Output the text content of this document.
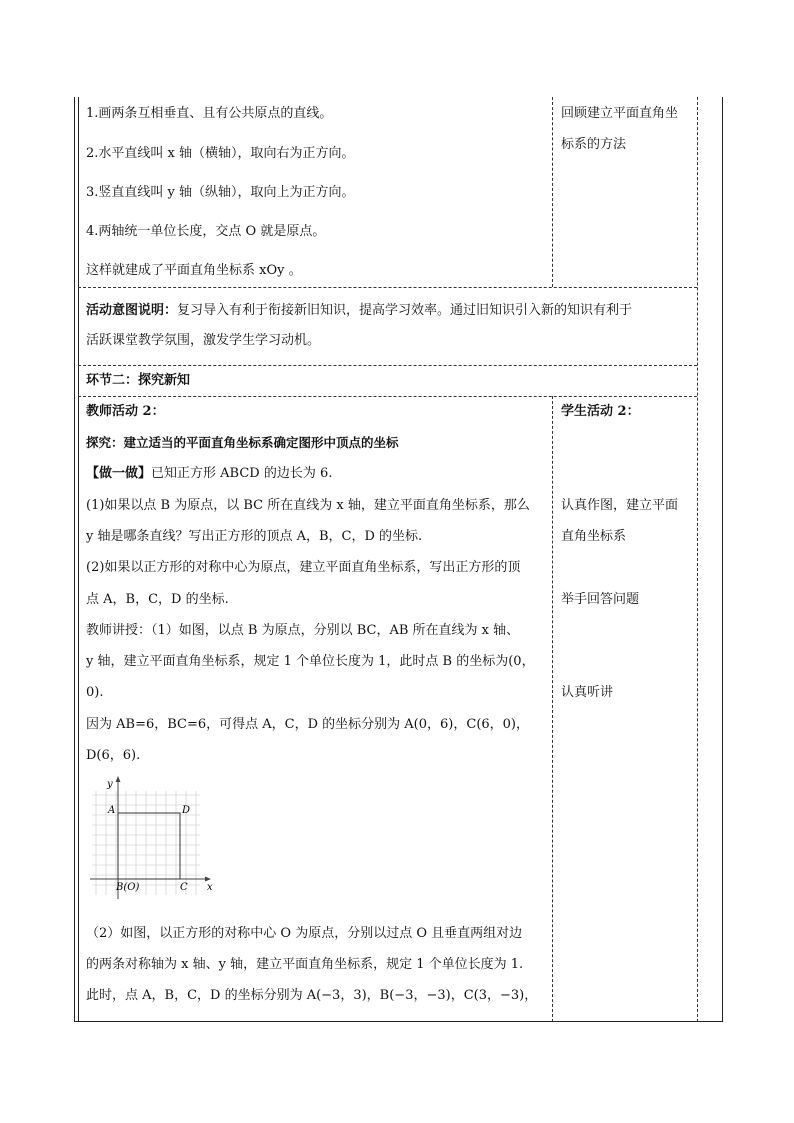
1.画两条互相垂直、且有公共原点的直线。
2.水平直线叫 x 轴（横轴），取向右为正方向。
3.竖直直线叫 y 轴（纵轴），取向上为正方向。
4.两轴统一单位长度，交点 O 就是原点。
这样就建成了平面直角坐标系 xOy 。
回顾建立平面直角坐
标系的方法
活动意图说明：复习导入有利于衔接新旧知识，提高学习效率。通过旧知识引入新的知识有利于
活跃课堂教学氛围，激发学生学习动机。
环节二：探究新知
教师活动 2：
探究：建立适当的平面直角坐标系确定图形中顶点的坐标
【做一做】已知正方形 ABCD 的边长为 6.
(1)如果以点 B 为原点，以 BC 所在直线为 x 轴，建立平面直角坐标系，那么
y 轴是哪条直线？写出正方形的顶点 A，B，C，D 的坐标.
(2)如果以正方形的对称中心为原点，建立平面直角坐标系，写出正方形的顶
点 A，B，C，D 的坐标.
教师讲授：（1）如图，以点 B 为原点，分别以 BC，AB 所在直线为 x 轴、
y 轴，建立平面直角坐标系，规定 1 个单位长度为 1，此时点 B 的坐标为(0，
0).
因为 AB=6，BC=6，可得点 A，C，D 的坐标分别为 A(0，6)，C(6，0)，
D(6，6).
y
x
A	D
B(O)	C
（2）如图，以正方形的对称中心 O 为原点，分别以过点 O 且垂直两组对边
的两条对称轴为 x 轴、y 轴，建立平面直角坐标系，规定 1 个单位长度为 1.
此时，点 A，B，C，D 的坐标分别为 A(−3，3)，B(−3，−3)，C(3，−3)，
学生活动 2：
认真作图，建立平面
直角坐标系
举手回答问题
认真听讲
